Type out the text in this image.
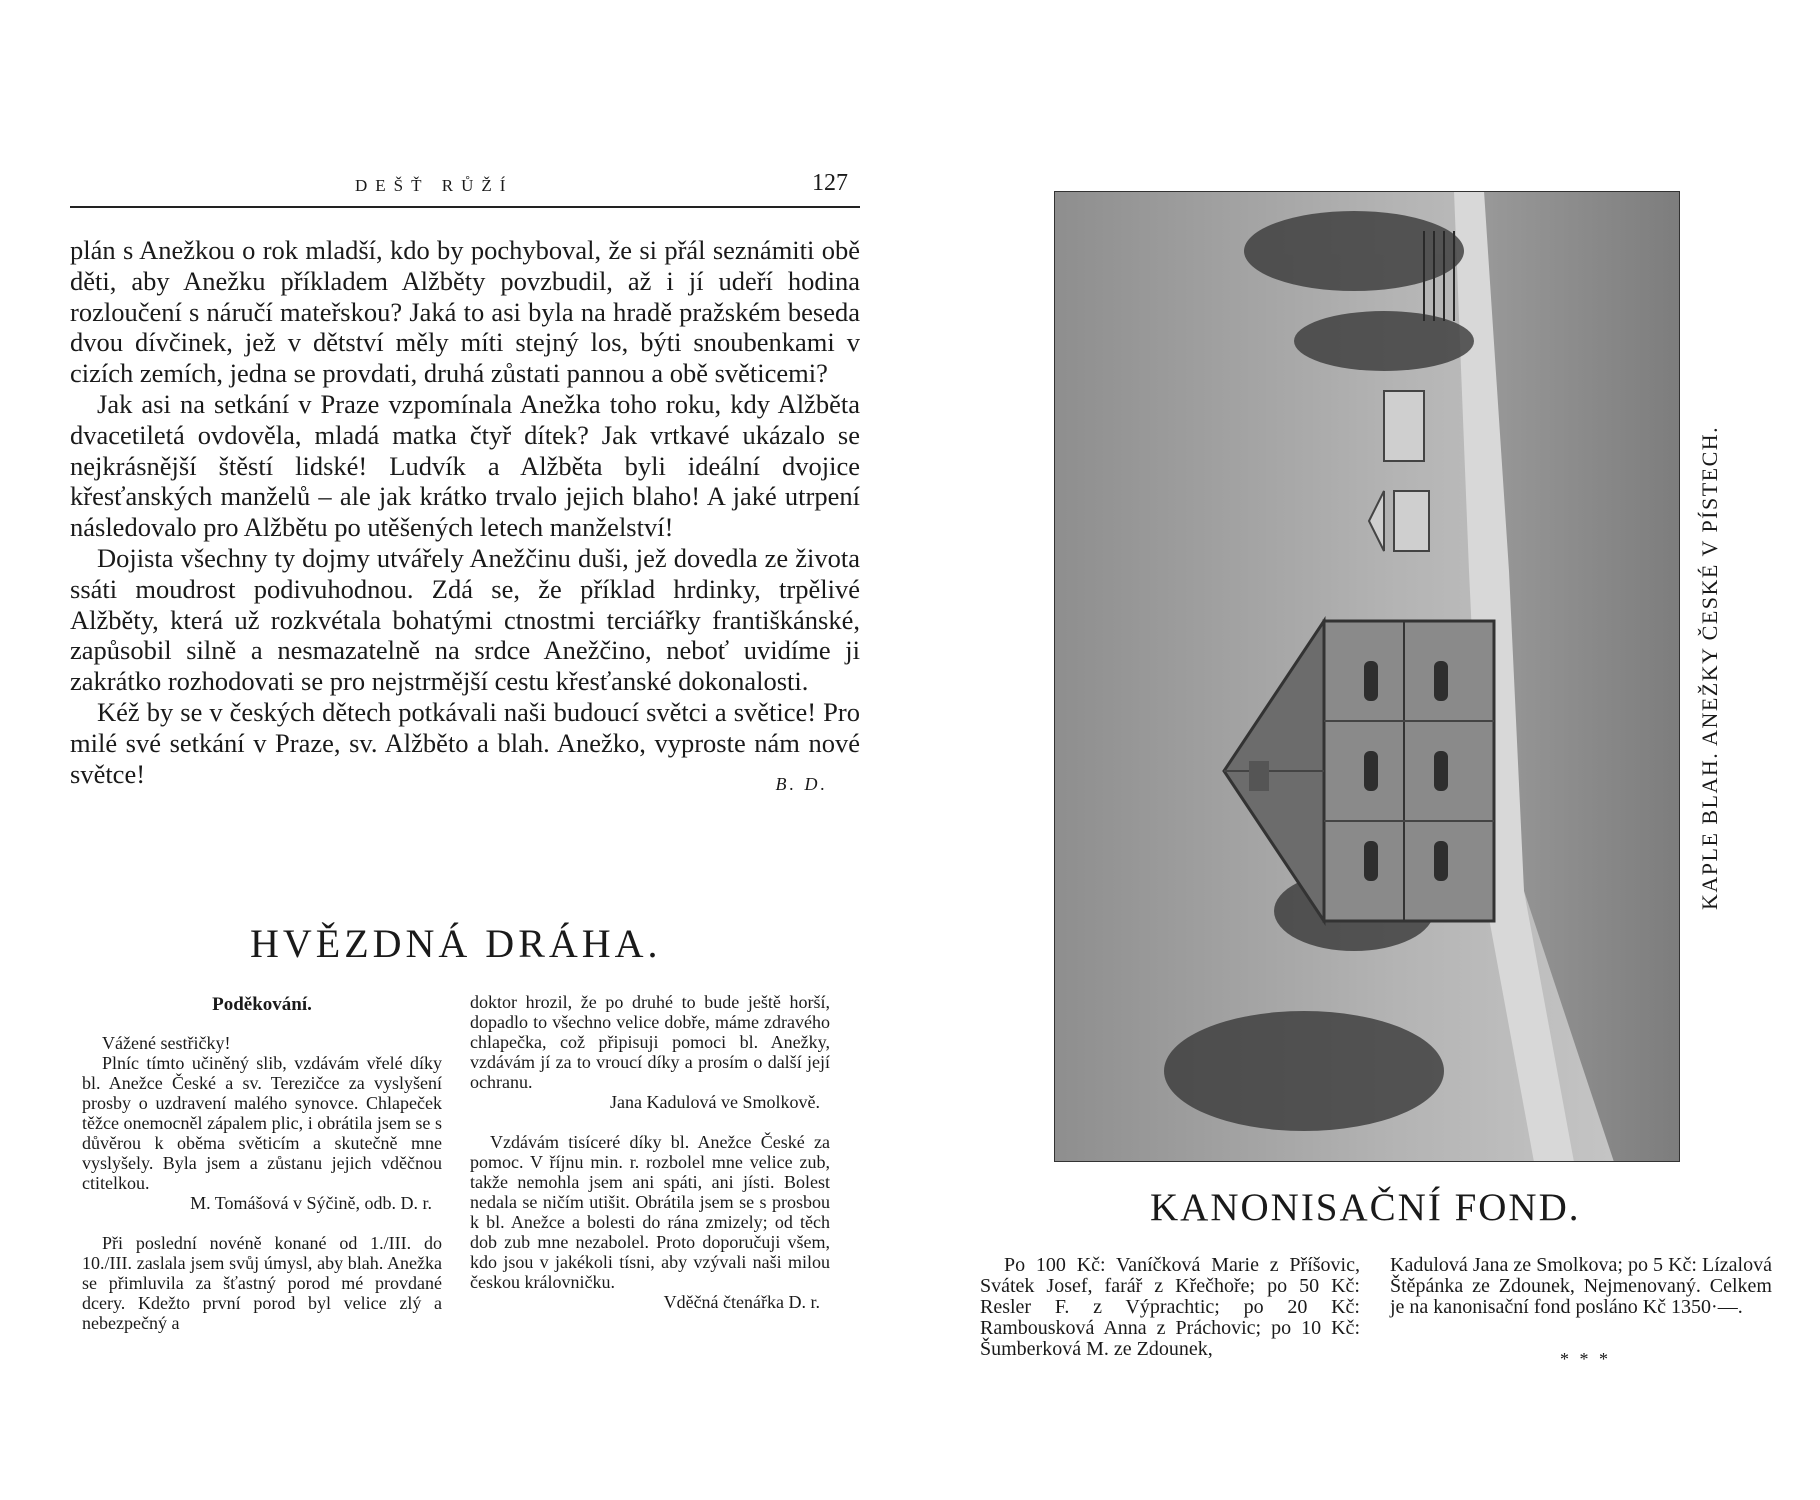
DEŠŤ RŮŽÍ	127

plán s Anežkou o rok mladší, kdo by pochyboval, že si přál seznámiti obě děti, aby Anežku příkladem Alžběty povzbudil, až i jí udeří hodina rozloučení s náručí mateřskou? Jaká to asi byla na hradě pražském beseda dvou dívčinek, jež v dětství měly míti stejný los, býti snoubenkami v cizích zemích, jedna se provdati, druhá zůstati pannou a obě světicemi?

Jak asi na setkání v Praze vzpomínala Anežka toho roku, kdy Alžběta dvacetiletá ovdověla, mladá matka čtyř dítek? Jak vrtkavé ukázalo se nejkrásnější štěstí lidské! Ludvík a Alžběta byli ideální dvojice křesťanských manželů – ale jak krátko trvalo jejich blaho! A jaké utrpení následovalo pro Alžbětu po utěšených letech manželství!

Dojista všechny ty dojmy utvářely Anežčinu duši, jež dovedla ze života ssáti moudrost podivuhodnou. Zdá se, že příklad hrdinky, trpělivé Alžběty, která už rozkvétala bohatými ctnostmi terciářky františkánské, zapůsobil silně a nesmazatelně na srdce Anežčino, neboť uvidíme ji zakrátko rozhodovati se pro nejstrmější cestu křesťanské dokonalosti.

Kéž by se v českých dětech potkávali naši budoucí světci a světice! Pro milé své setkání v Praze, sv. Alžběto a blah. Anežko, vyproste nám nové světce!	B. D.

HVĚZDNÁ DRÁHA.

Poděkování.

Vážené sestřičky!

Plníc tímto učiněný slib, vzdávám vřelé díky bl. Anežce České a sv. Terezičce za vyslyšení prosby o uzdravení malého synovce. Chlapeček těžce onemocněl zápalem plic, i obrátila jsem se s důvěrou k oběma světicím a skutečně mne vyslyšely. Byla jsem a zůstanu jejich vděčnou ctitelkou.

M. Tomášová v Sýčině, odb. D. r.

Při poslední novéně konané od 1./III. do 10./III. zaslala jsem svůj úmysl, aby blah. Anežka se přimluvila za šťastný porod mé provdané dcery. Kdežto první porod byl velice zlý a nebezpečný a

doktor hrozil, že po druhé to bude ještě horší, dopadlo to všechno velice dobře, máme zdravého chlapečka, což připisuji pomoci bl. Anežky, vzdávám jí za to vroucí díky a prosím o další její ochranu.

Jana Kadulová ve Smolkově.

Vzdávám tisíceré díky bl. Anežce České za pomoc. V říjnu min. r. rozbolel mne velice zub, takže nemohla jsem ani spáti, ani jísti. Bolest nedala se ničím utišit. Obrátila jsem se s prosbou k bl. Anežce a bolesti do rána zmizely; od těch dob zub mne nezabolel. Proto doporučuji všem, kdo jsou v jakékoli tísni, aby vzývali naši milou českou královničku.

Vděčná čtenářka D. r.

KAPLE BLAH. ANEŽKY ČESKÉ V PÍSTECH.
KANONISAČNÍ FOND.

Po 100 Kč: Vaníčková Marie z Příšovic, Svátek Josef, farář z Křečhoře; po 50 Kč: Resler F. z Výprachtic; po 20 Kč: Rambousková Anna z Práchovic; po 10 Kč: Šumberková M. ze Zdounek,

Kadulová Jana ze Smolkova; po 5 Kč: Lízalová Štěpánka ze Zdounek, Nejmenovaný. Celkem je na kanonisační fond posláno Kč 1350·—.

* * *
